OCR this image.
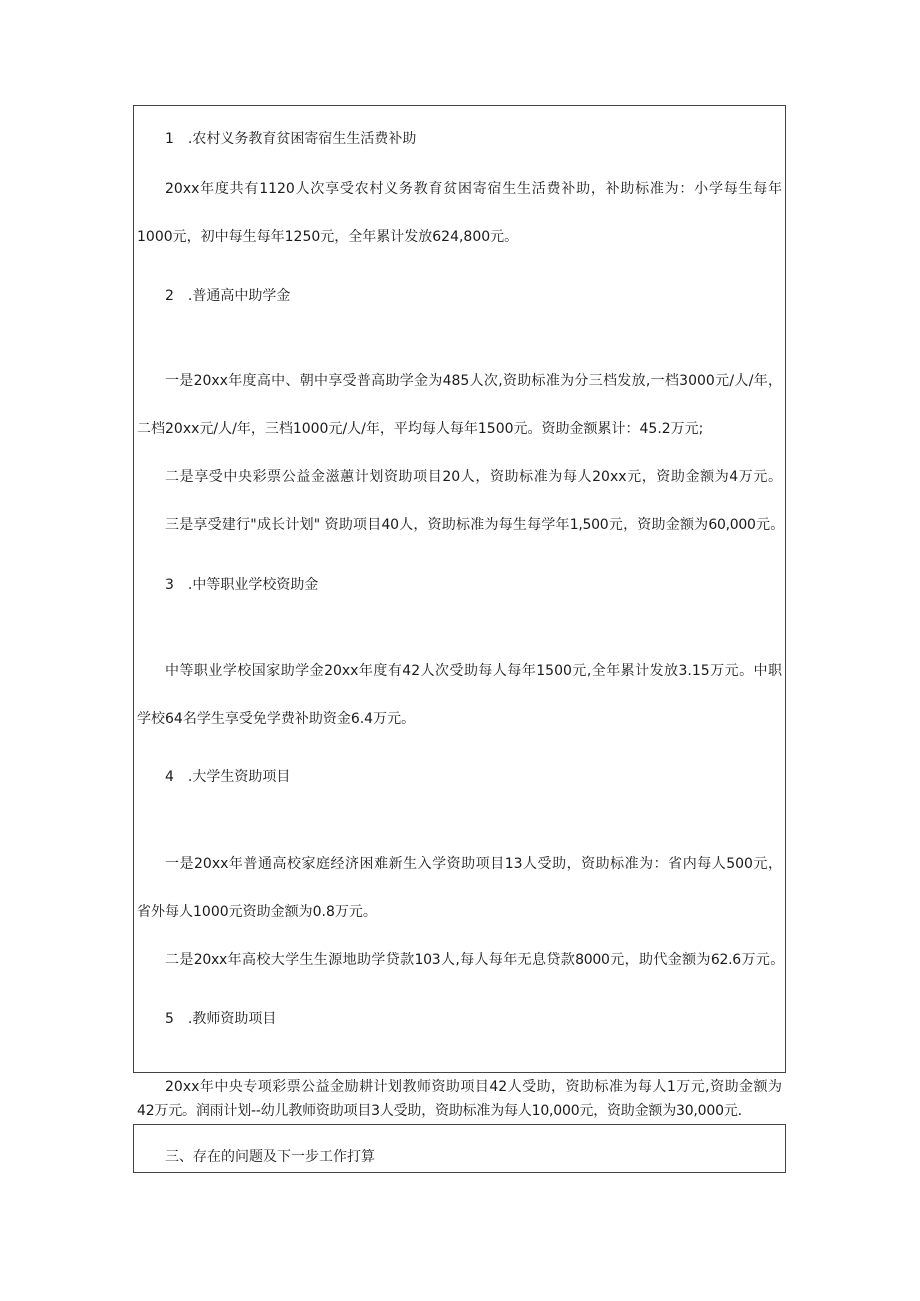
1　.农村义务教育贫困寄宿生生活费补助
20xx年度共有1120人次享受农村义务教育贫困寄宿生生活费补助，补助标准为：小学每生每年
1000元，初中每生每年1250元，全年累计发放624,800元。
2　.普通高中助学金
一是20xx年度高中、朝中享受普高助学金为485人次,资助标准为分三档发放,一档3000元/人/年，
二档20xx元/人/年，三档1000元/人/年，平均每人每年1500元。资助金额累计：45.2万元;
二是享受中央彩票公益金滋蕙计划资助项目20人，资助标准为每人20xx元，资助金额为4万元。
三是享受建行"成长计划" 资助项目40人，资助标准为每生每学年1,500元，资助金额为60,000元。
3　.中等职业学校资助金
中等职业学校国家助学金20xx年度有42人次受助每人每年1500元,全年累计发放3.15万元。中职
学校64名学生享受免学费补助资金6.4万元。
4　.大学生资助项目
一是20xx年普通高校家庭经济困难新生入学资助项目13人受助，资助标准为：省内每人500元，
省外每人1000元资助金额为0.8万元。
二是20xx年高校大学生生源地助学贷款103人,每人每年无息贷款8000元，助代金额为62.6万元。
5　.教师资助项目
20xx年中央专项彩票公益金励耕计划教师资助项目42人受助，资助标准为每人1万元,资助金额为
42万元。润雨计划--幼儿教师资助项目3人受助，资助标准为每人10,000元，资助金额为30,000元.
三、存在的问题及下一步工作打算
